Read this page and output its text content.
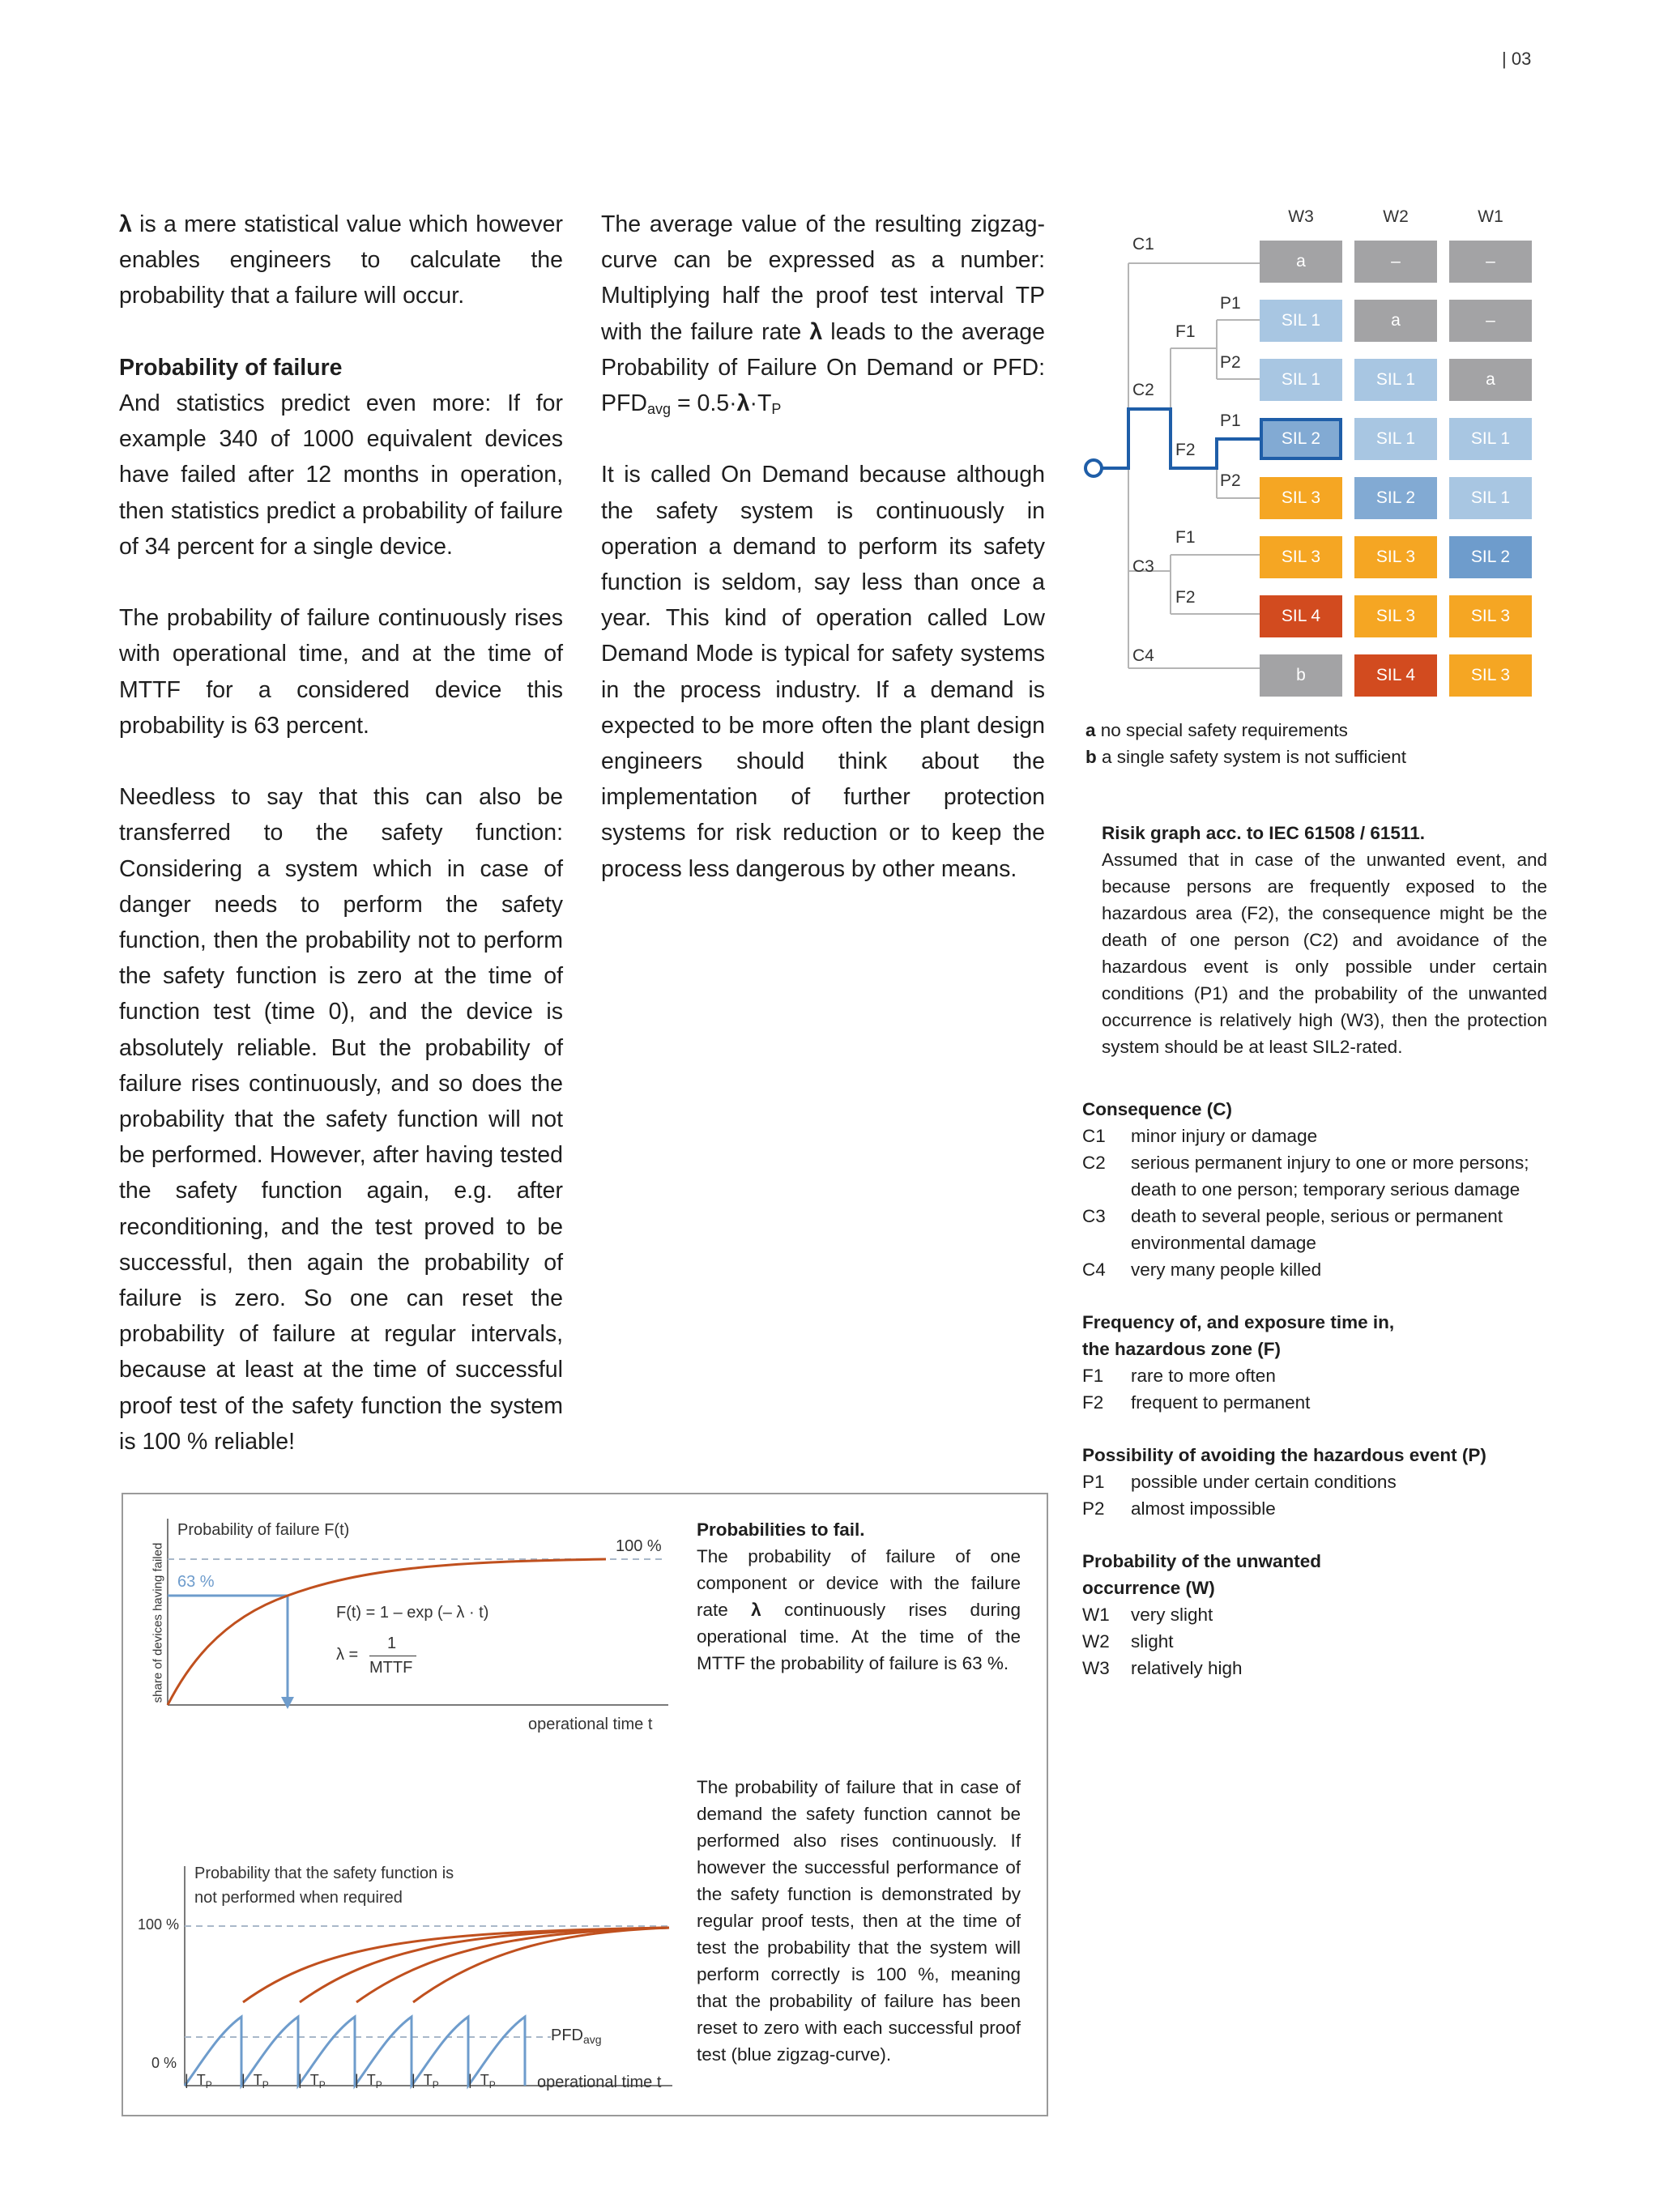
| 03

λ is a mere statistical value which however enables engineers to calculate the probability that a failure will occur.

Probability of failure

And statistics predict even more: If for example 340 of 1000 equivalent devices have failed after 12 months in operation, then statistics predict a probability of failure of 34 percent for a single device.

The probability of failure continuously rises with operational time, and at the time of MTTF for a considered device this probability is 63 percent.

Needless to say that this can also be transferred to the safety function: Considering a system which in case of danger needs to perform the safety function, then the probability not to perform the safety function is zero at the time of function test (time 0), and the device is absolutely reliable. But the probability of failure rises continuously, and so does the probability that the safety function will not be performed. However, after having tested the safety function again, e.g. after reconditioning, and the test proved to be successful, then again the probability of failure is zero. So one can reset the probability of failure at regular intervals, because at least at the time of successful proof test of the safety function the system is 100 % reliable!

The average value of the resulting zigzag-curve can be expressed as a number: Multiplying half the proof test interval TP with the failure rate λ leads to the average Probability of Failure On Demand or PFD: $PFD_{avg} = 0.5\cdot\lambda\cdot T_P$

It is called On Demand because although the safety system is continuously in operation a demand to perform its safety function is seldom, say less than once a year. This kind of operation called Low Demand Mode is typical for safety systems in the process industry. If a demand is expected to be more often the plant design engineers should think about the implementation of further protection systems for risk reduction or to keep the process less dangerous by other means.

W3	W2	W1
C1
C2
C3
C4
F1
F2
F1
F2
P1
P2
P1
P2
a	–	–
SIL 1	a	–
SIL 1	SIL 1	a
SIL 2	SIL 1	SIL 1
SIL 3	SIL 2	SIL 1
SIL 3	SIL 3	SIL 2
SIL 4	SIL 3	SIL 3
b	SIL 4	SIL 3
a no special safety requirements
b a single safety system is not sufficient
Risik graph acc. to IEC 61508 / 61511.

Assumed that in case of the unwanted event, and because persons are frequently exposed to the hazardous area (F2), the consequence might be the death of one person (C2) and avoidance of the hazardous event is only possible under certain conditions (P1) and the probability of the unwanted occurrence is relatively high (W3), then the protection system should be at least SIL2-rated.

Consequence (C)
C1	minor injury or damage
C2	serious permanent injury to one or more persons; death to one person; temporary serious damage
C3	death to several people, serious or permanent environmental damage
C4	very many people killed
Frequency of, and exposure time in, the hazardous zone (F)
F1	rare to more often
F2	frequent to permanent
Possibility of avoiding the hazardous event (P)
P1	possible under certain conditions
P2	almost impossible
Probability of the unwanted occurrence (W)
W1	very slight
W2	slight
W3	relatively high
Probability of failure F(t)
share of devices having failed	100 %
63 %
F(t) = 1 – exp (– λ · t)
λ =
1
MTTF
operational time t
Probability that the safety function is
not performed when required
100 %
0 %
$PFD_{avg}$
|  $T_P$ |  $T_P$ |  $T_P$ |  $T_P$ |  $T_P$ |  $T_P$	operational time t
Probabilities to fail.

The probability of failure of one component or device with the failure rate λ continuously rises during operational time. At the time of the MTTF the probability of failure is 63 %.

The probability of failure that in case of demand the safety function cannot be performed also rises continuously. If however the successful performance of the safety function is demonstrated by regular proof tests, then at the time of test the probability that the system will perform correctly is 100 %, meaning that the probability of failure has been reset to zero with each successful proof test (blue zigzag-curve).
